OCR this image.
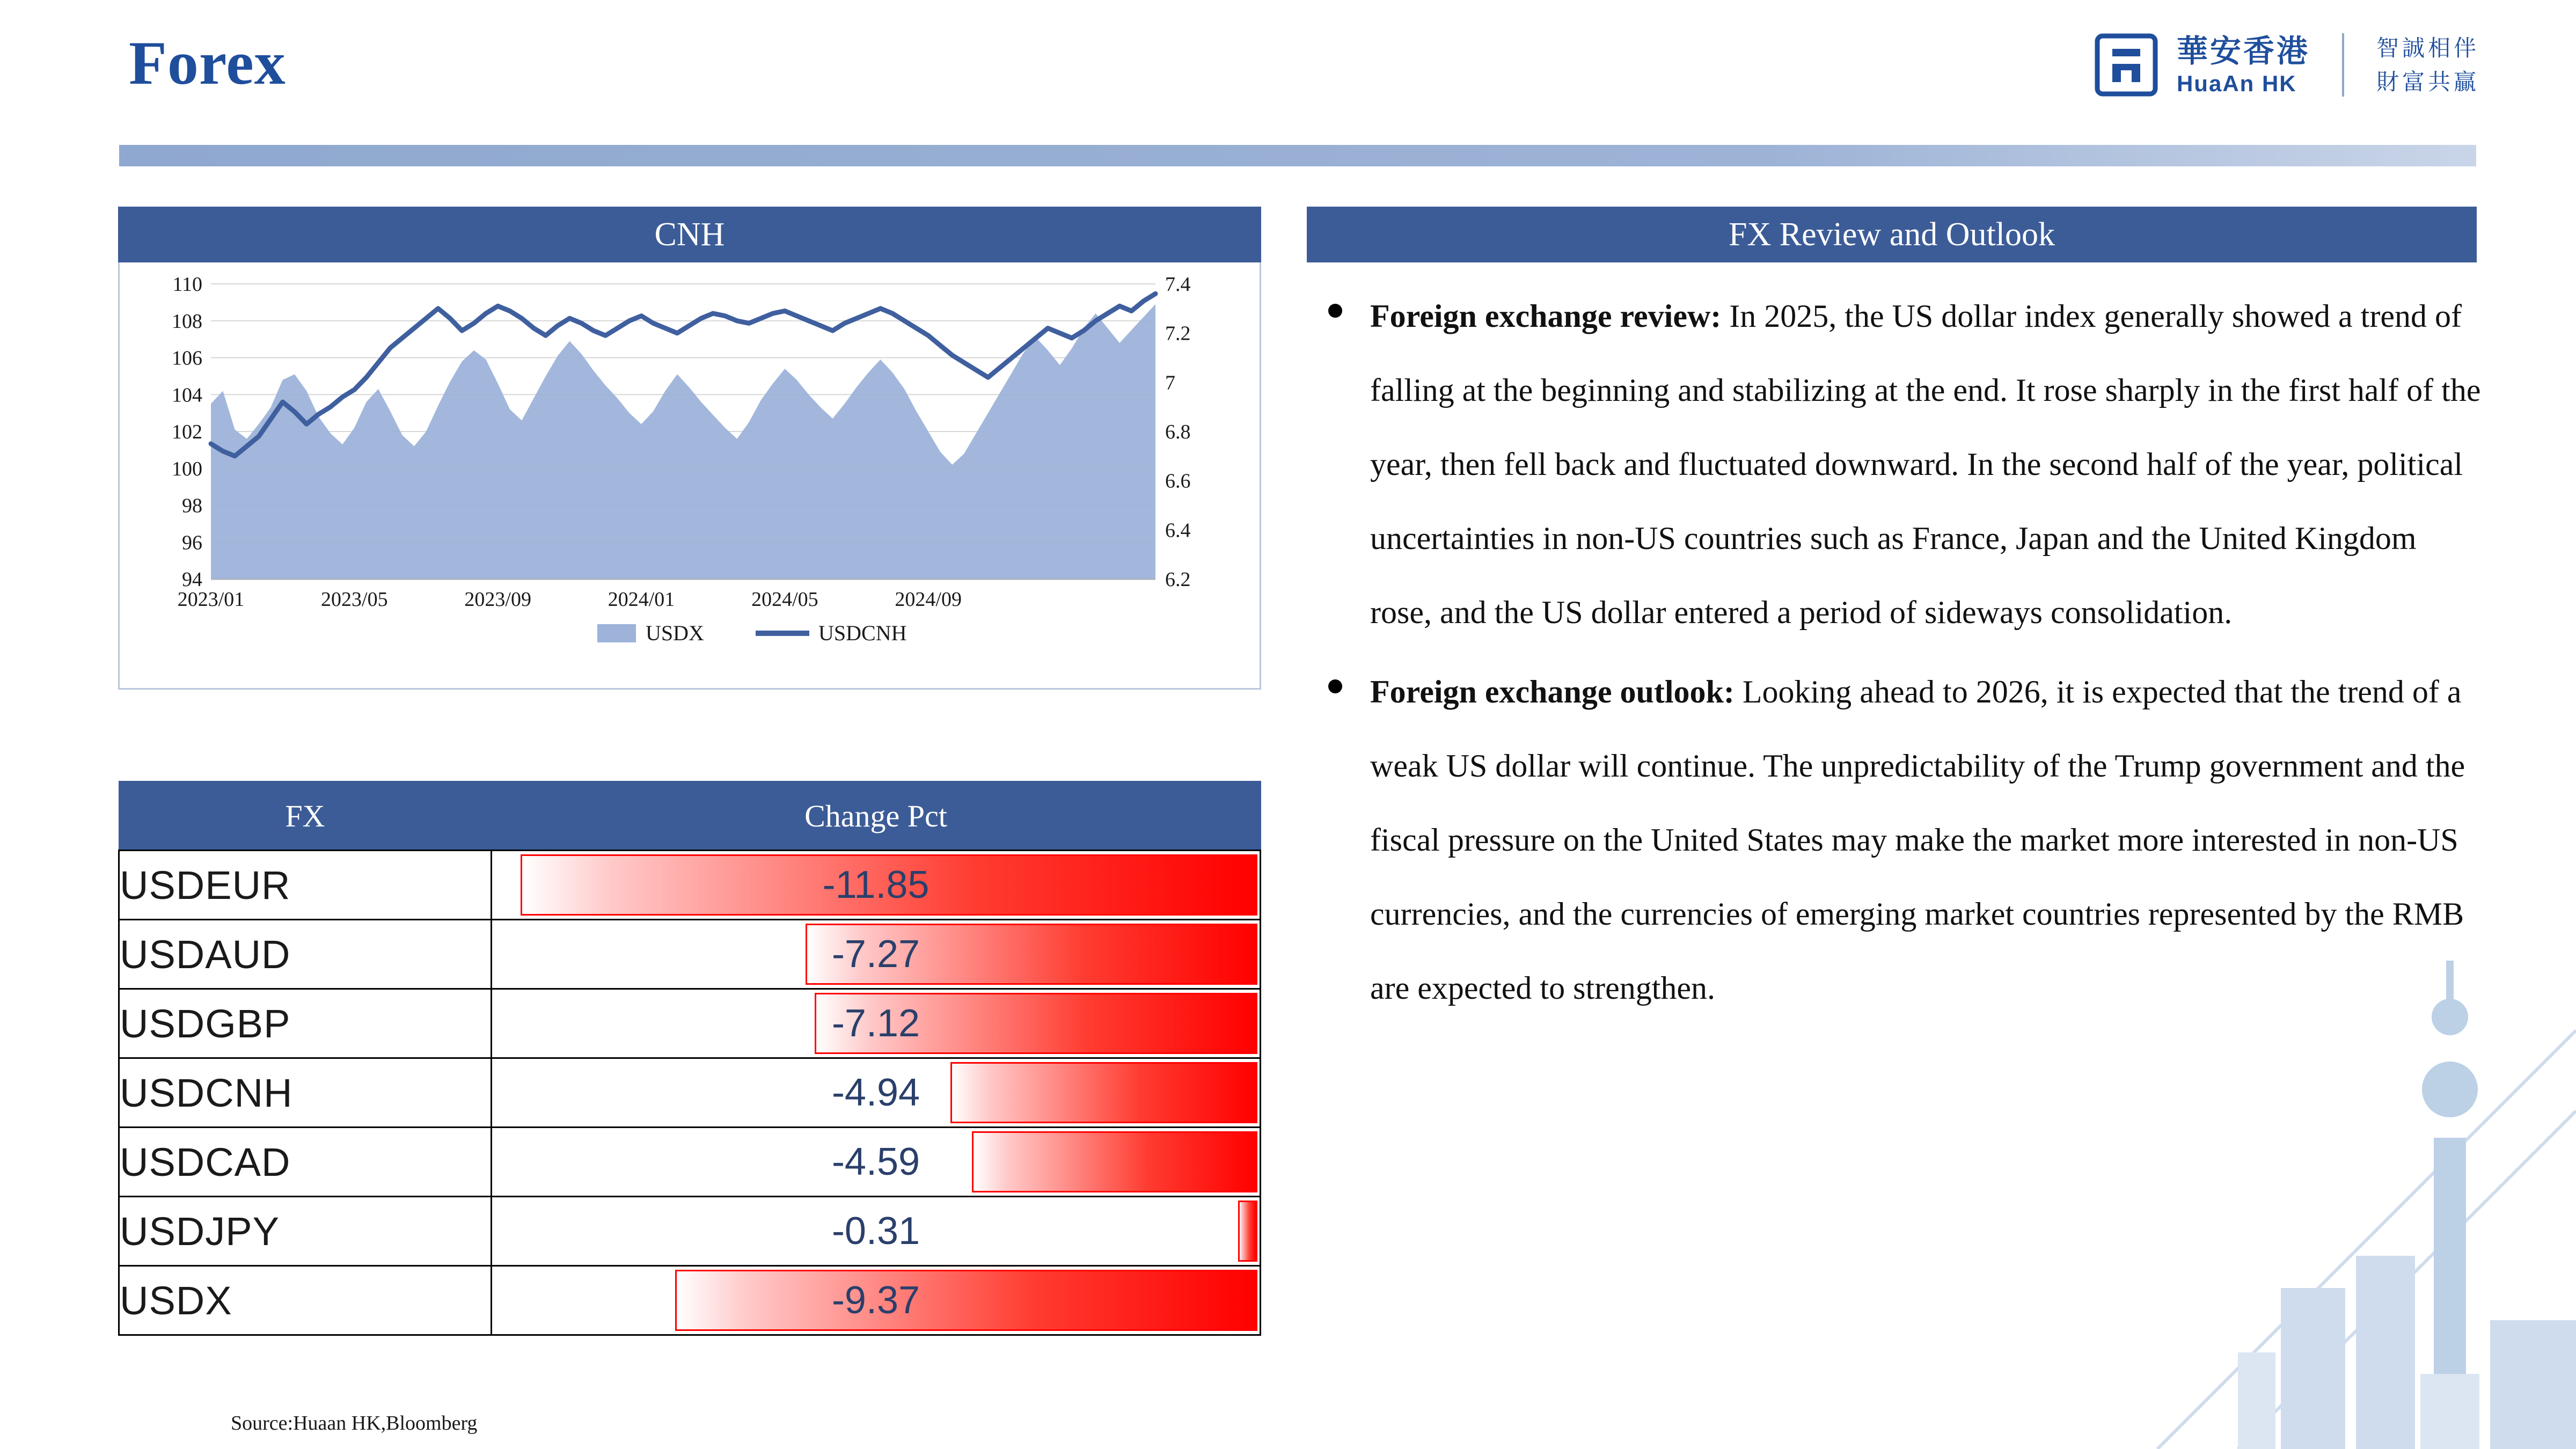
Forex	華安香港
HuaAn HK
智誠相伴
財富共贏
CNH
94
96
98
100
102
104
106
108
110
6.2
6.4
6.6
6.8
7
7.2
7.4
2023/01	2023/05	2023/09	2024/01	2024/05	2024/09
USDX	USDCNH
FX	Change Pct
USDEUR	-11.85

USDAUD	-7.27

USDGBP	-7.12

USDCNH	-4.94

USDCAD	-4.59

USDJPY	-0.31

USDX	-9.37
Source:Huaan HK,Bloomberg
FX Review and Outlook
Foreign exchange review: In 2025, the US dollar index generally showed a trend of falling at the beginning and stabilizing at the end. It rose sharply in the first half of the year, then fell back and fluctuated downward. In the second half of the year, political uncertainties in non-US countries such as France, Japan and the United Kingdom rose, and the US dollar entered a period of sideways consolidation.
Foreign exchange outlook: Looking ahead to 2026, it is expected that the trend of a weak US dollar will continue. The unpredictability of the Trump government and the fiscal pressure on the United States may make the market more interested in non-US currencies, and the currencies of emerging market countries represented by the RMB are expected to strengthen.
